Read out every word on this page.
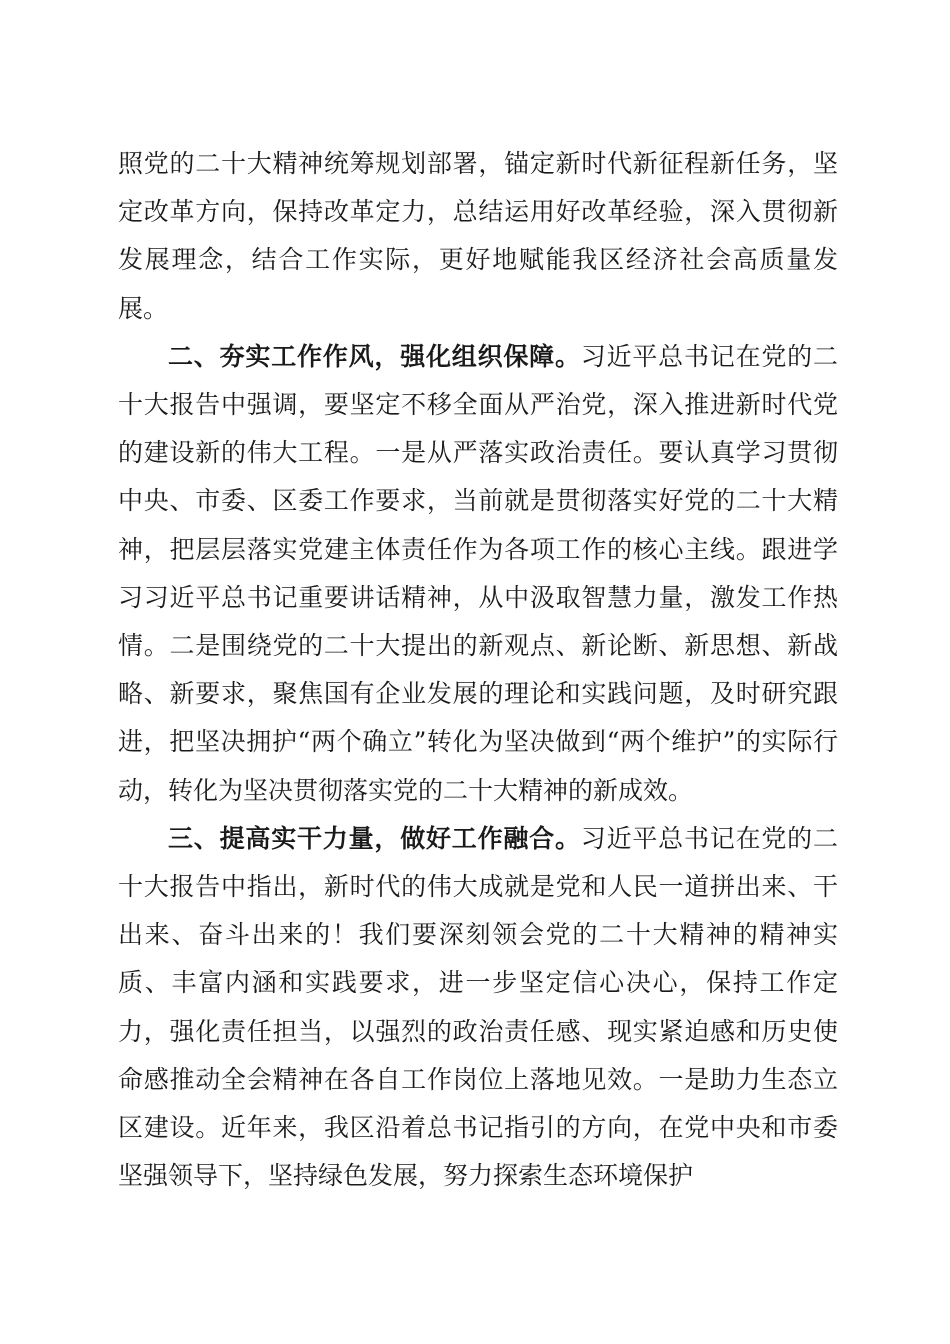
照党的二十大精神统筹规划部署，锚定新时代新征程新任务，坚定改革方向，保持改革定力，总结运用好改革经验，深入贯彻新发展理念，结合工作实际，更好地赋能我区经济社会高质量发展。

二、夯实工作作风，强化组织保障。习近平总书记在党的二十大报告中强调，要坚定不移全面从严治党，深入推进新时代党的建设新的伟大工程。一是从严落实政治责任。要认真学习贯彻中央、市委、区委工作要求，当前就是贯彻落实好党的二十大精神，把层层落实党建主体责任作为各项工作的核心主线。跟进学习习近平总书记重要讲话精神，从中汲取智慧力量，激发工作热情。二是围绕党的二十大提出的新观点、新论断、新思想、新战略、新要求，聚焦国有企业发展的理论和实践问题，及时研究跟进，把坚决拥护“两个确立”转化为坚决做到“两个维护”的实际行动，转化为坚决贯彻落实党的二十大精神的新成效。

三、提高实干力量，做好工作融合。习近平总书记在党的二十大报告中指出，新时代的伟大成就是党和人民一道拼出来、干出来、奋斗出来的！我们要深刻领会党的二十大精神的精神实质、丰富内涵和实践要求，进一步坚定信心决心，保持工作定力，强化责任担当，以强烈的政治责任感、现实紧迫感和历史使命感推动全会精神在各自工作岗位上落地见效。一是助力生态立区建设。近年来，我区沿着总书记指引的方向，在党中央和市委坚强领导下，坚持绿色发展，努力探索生态环境保护
